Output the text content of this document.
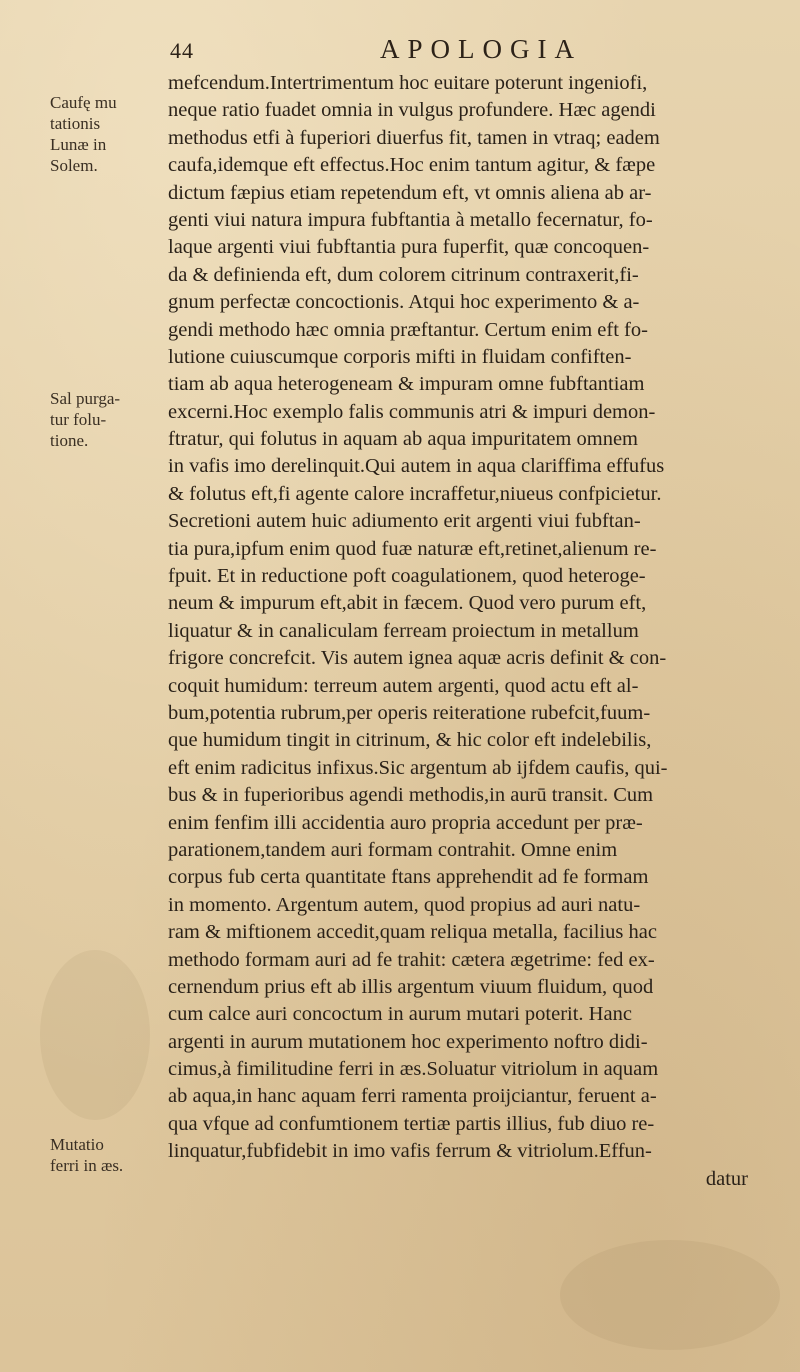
44	APOLOGIA
Caufę mu
tationis
Lunæ in
Solem.
Sal purga-
tur folu-
tione.
Mutatio
ferri in æs.
mefcendum.Intertrimentum hoc euitare poterunt ingeniofi,
neque ratio fuadet omnia in vulgus profundere. Hæc agendi
methodus etfi à fuperiori diuerfus fit, tamen in vtraq; eadem
caufa,idemque eft effectus.Hoc enim tantum agitur, & fæpe
dictum fæpius etiam repetendum eft, vt omnis aliena ab ar-
genti viui natura impura fubftantia à metallo fecernatur, fo-
laque argenti viui fubftantia pura fuperfit, quæ concoquen-
da & definienda eft, dum colorem citrinum contraxerit,fi-
gnum perfectæ concoctionis. Atqui hoc experimento & a-
gendi methodo hæc omnia præftantur. Certum enim eft fo-
lutione cuiuscumque corporis mifti in fluidam confiften-
tiam ab aqua heterogeneam & impuram omne fubftantiam
excerni.Hoc exemplo falis communis atri & impuri demon-
ftratur, qui folutus in aquam ab aqua impuritatem omnem
in vafis imo derelinquit.Qui autem in aqua clariffima effufus
& folutus eft,fi agente calore incraffetur,niueus confpicietur.
Secretioni autem huic adiumento erit argenti viui fubftan-
tia pura,ipfum enim quod fuæ naturæ eft,retinet,alienum re-
fpuit. Et in reductione poft coagulationem, quod heteroge-
neum & impurum eft,abit in fæcem. Quod vero purum eft,
liquatur & in canaliculam ferream proiectum in metallum
frigore concrefcit. Vis autem ignea aquæ acris definit & con-
coquit humidum: terreum autem argenti, quod actu eft al-
bum,potentia rubrum,per operis reiteratione rubefcit,fuum-
que humidum tingit in citrinum, & hic color eft indelebilis,
eft enim radicitus infixus.Sic argentum ab ijfdem caufis, qui-
bus & in fuperioribus agendi methodis,in aurū transit. Cum
enim fenfim illi accidentia auro propria accedunt per præ-
parationem,tandem auri formam contrahit. Omne enim
corpus fub certa quantitate ftans apprehendit ad fe formam
in momento. Argentum autem, quod propius ad auri natu-
ram & miftionem accedit,quam reliqua metalla, facilius hac
methodo formam auri ad fe trahit: cætera ægetrime: fed ex-
cernendum prius eft ab illis argentum viuum fluidum, quod
cum calce auri concoctum in aurum mutari poterit. Hanc
argenti in aurum mutationem hoc experimento noftro didi-
cimus,à fimilitudine ferri in æs.Soluatur vitriolum in aquam
ab aqua,in hanc aquam ferri ramenta proijciantur, feruent a-
qua vfque ad confumtionem tertiæ partis illius, fub diuo re-
linquatur,fubfidebit in imo vafis ferrum & vitriolum.Effun-
datur
